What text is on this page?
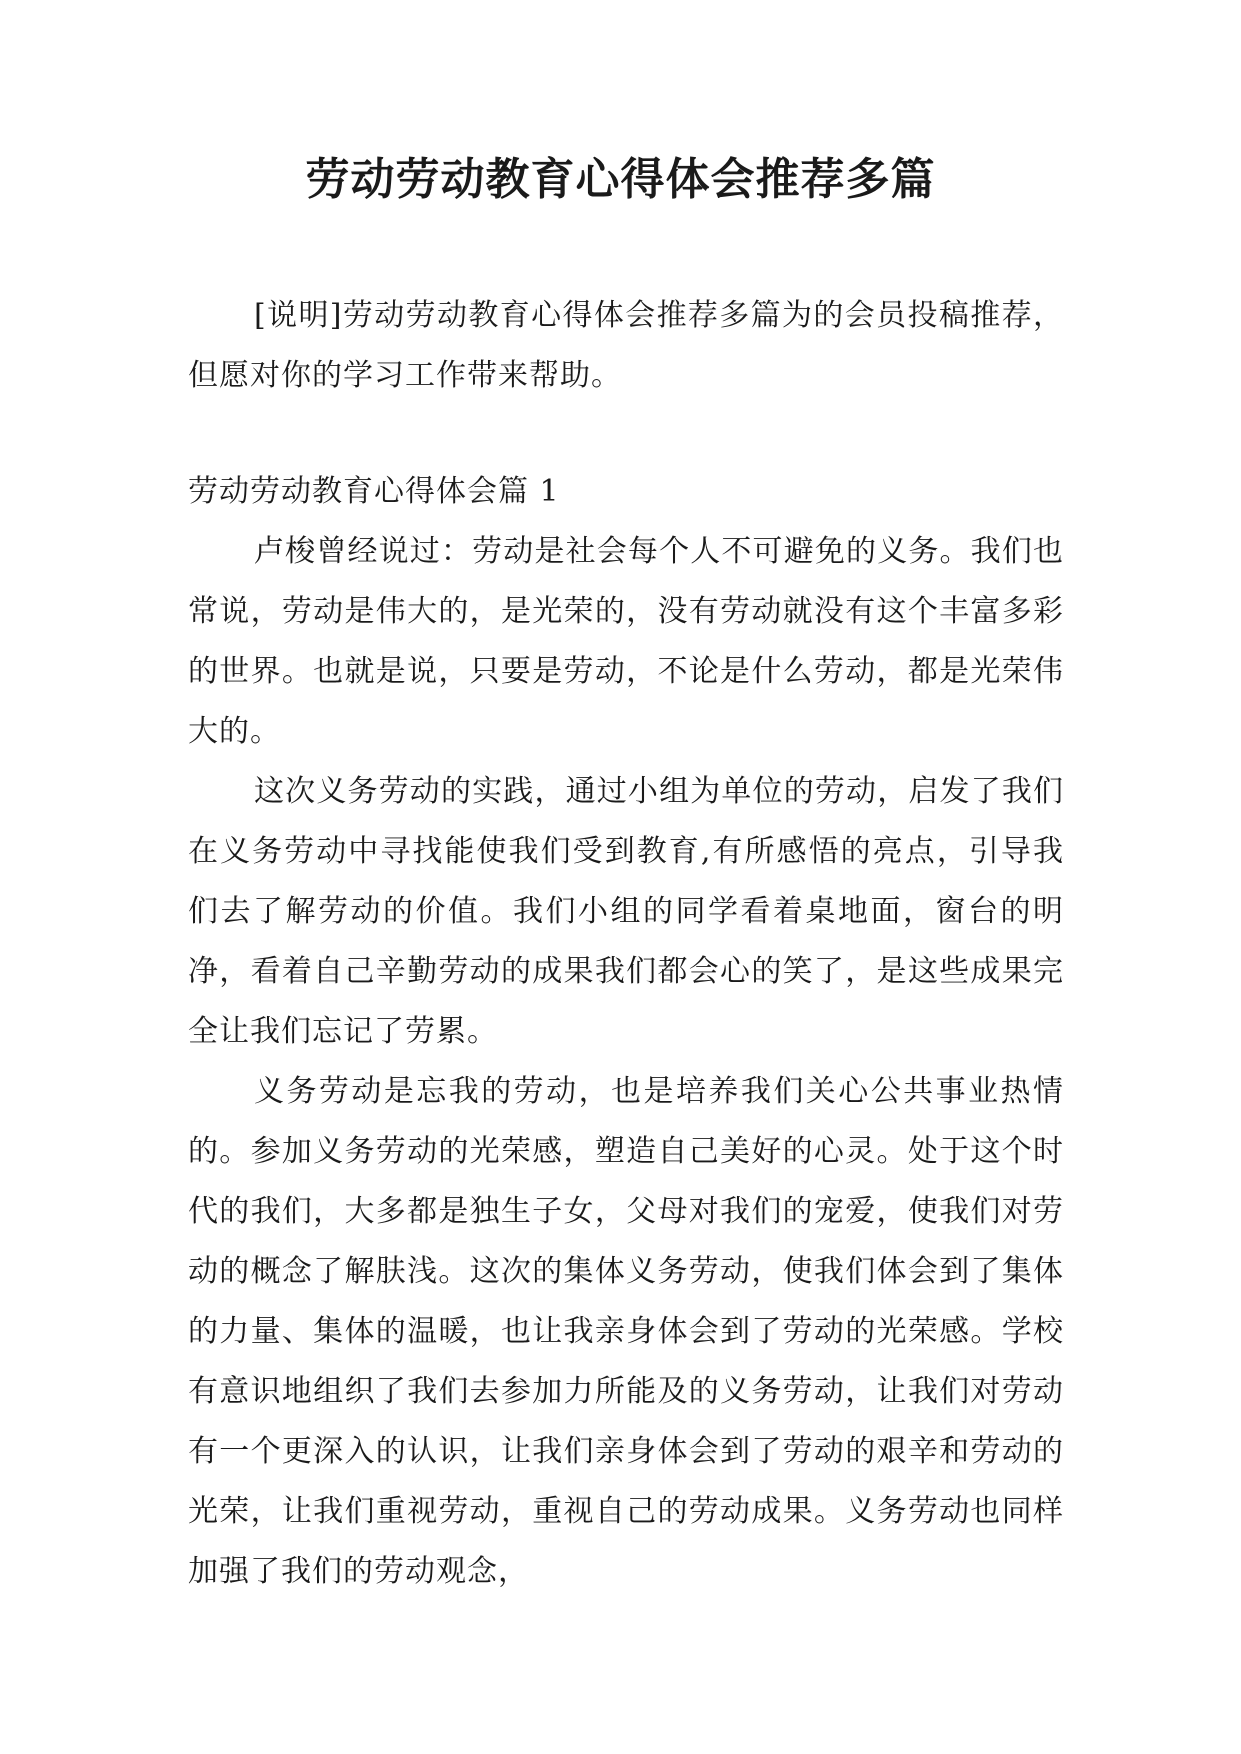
劳动劳动教育心得体会推荐多篇

[说明]劳动劳动教育心得体会推荐多篇为的会员投稿推荐，但愿对你的学习工作带来帮助。

劳动劳动教育心得体会篇 1

卢梭曾经说过：劳动是社会每个人不可避免的义务。我们也常说，劳动是伟大的，是光荣的，没有劳动就没有这个丰富多彩的世界。也就是说，只要是劳动，不论是什么劳动，都是光荣伟大的。

这次义务劳动的实践，通过小组为单位的劳动，启发了我们在义务劳动中寻找能使我们受到教育,有所感悟的亮点，引导我们去了解劳动的价值。我们小组的同学看着桌地面，窗台的明净，看着自己辛勤劳动的成果我们都会心的笑了，是这些成果完全让我们忘记了劳累。

义务劳动是忘我的劳动，也是培养我们关心公共事业热情的。参加义务劳动的光荣感，塑造自己美好的心灵。处于这个时代的我们，大多都是独生子女，父母对我们的宠爱，使我们对劳动的概念了解肤浅。这次的集体义务劳动，使我们体会到了集体的力量、集体的温暖，也让我亲身体会到了劳动的光荣感。学校有意识地组织了我们去参加力所能及的义务劳动，让我们对劳动有一个更深入的认识，让我们亲身体会到了劳动的艰辛和劳动的光荣，让我们重视劳动，重视自己的劳动成果。义务劳动也同样加强了我们的劳动观念，
